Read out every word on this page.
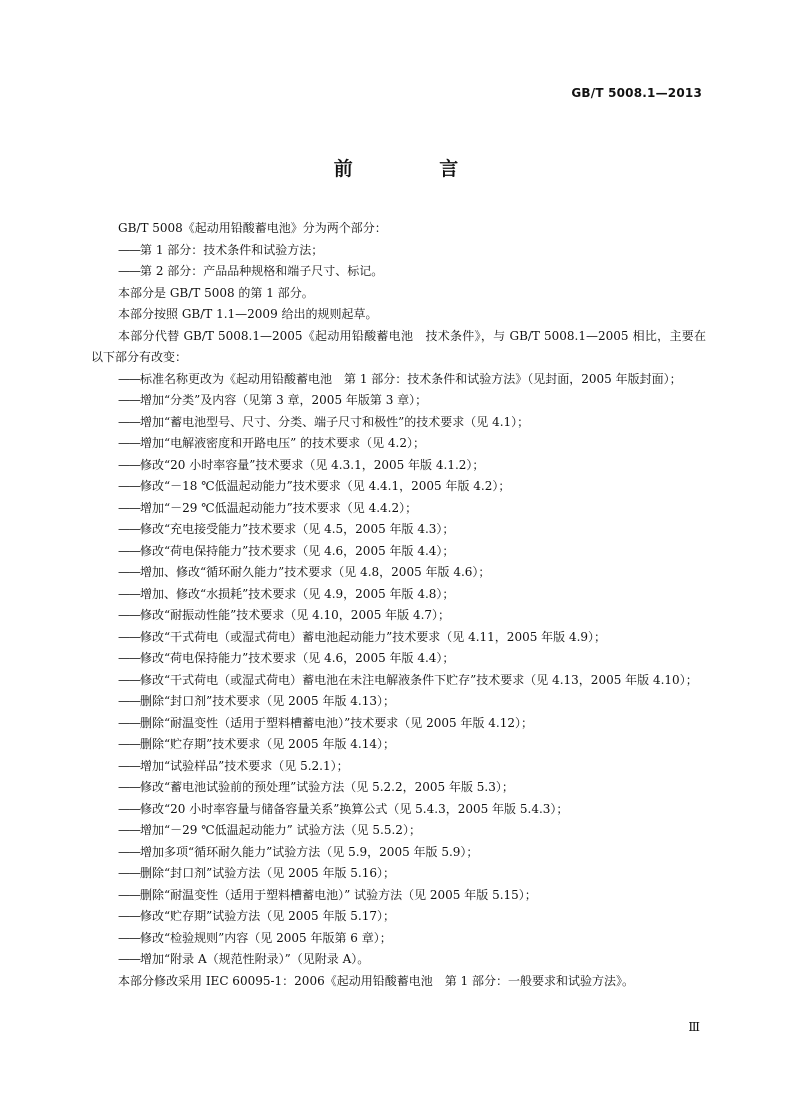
GB/T 5008.1—2013
前 言

GB/T 5008《起动用铅酸蓄电池》分为两个部分：

—— 第 1 部分：技术条件和试验方法；

—— 第 2 部分：产品品种规格和端子尺寸、标记。

本部分是 GB/T 5008 的第 1 部分。

本部分按照 GB/T 1.1—2009 给出的规则起草。

本部分代替 GB/T 5008.1—2005《起动用铅酸蓄电池　技术条件》，与 GB/T 5008.1—2005 相比，主要在以下部分有改变：

—— 标准名称更改为《起动用铅酸蓄电池　第 1 部分：技术条件和试验方法》（见封面，2005 年版封面）；

—— 增加“分类”及内容（见第 3 章，2005 年版第 3 章）；

—— 增加“蓄电池型号、尺寸、分类、端子尺寸和极性”的技术要求（见 4.1）；

—— 增加“电解液密度和开路电压” 的技术要求（见 4.2）；

—— 修改“20 小时率容量”技术要求（见 4.3.1，2005 年版 4.1.2）；

—— 修改“－18 ℃低温起动能力”技术要求（见 4.4.1，2005 年版 4.2）；

—— 增加“－29 ℃低温起动能力”技术要求（见 4.4.2）；

—— 修改“充电接受能力”技术要求（见 4.5，2005 年版 4.3）；

—— 修改“荷电保持能力”技术要求（见 4.6，2005 年版 4.4）；

—— 增加、修改“循环耐久能力”技术要求（见 4.8，2005 年版 4.6）；

—— 增加、修改“水损耗”技术要求（见 4.9，2005 年版 4.8）；

—— 修改“耐振动性能”技术要求（见 4.10，2005 年版 4.7）；

—— 修改“干式荷电（或湿式荷电）蓄电池起动能力”技术要求（见 4.11，2005 年版 4.9）；

—— 修改“荷电保持能力”技术要求（见 4.6，2005 年版 4.4）；

—— 修改“干式荷电（或湿式荷电）蓄电池在未注电解液条件下贮存”技术要求（见 4.13，2005 年版 4.10）；

—— 删除“封口剂”技术要求（见 2005 年版 4.13）；

—— 删除“耐温变性（适用于塑料槽蓄电池）”技术要求（见 2005 年版 4.12）；

—— 删除“贮存期”技术要求（见 2005 年版 4.14）；

—— 增加“试验样品”技术要求（见 5.2.1）；

—— 修改“蓄电池试验前的预处理”试验方法（见 5.2.2，2005 年版 5.3）；

—— 修改“20 小时率容量与储备容量关系”换算公式（见 5.4.3，2005 年版 5.4.3）；

—— 增加“－29 ℃低温起动能力” 试验方法（见 5.5.2）；

—— 增加多项“循环耐久能力”试验方法（见 5.9，2005 年版 5.9）；

—— 删除“封口剂”试验方法（见 2005 年版 5.16）；

—— 删除“耐温变性（适用于塑料槽蓄电池）” 试验方法（见 2005 年版 5.15）；

—— 修改“贮存期”试验方法（见 2005 年版 5.17）；

—— 修改“检验规则”内容（见 2005 年版第 6 章）；

—— 增加“附录 A（规范性附录）”（见附录 A）。

本部分修改采用 IEC 60095-1：2006《起动用铅酸蓄电池　第 1 部分：一般要求和试验方法》。

Ⅲ
